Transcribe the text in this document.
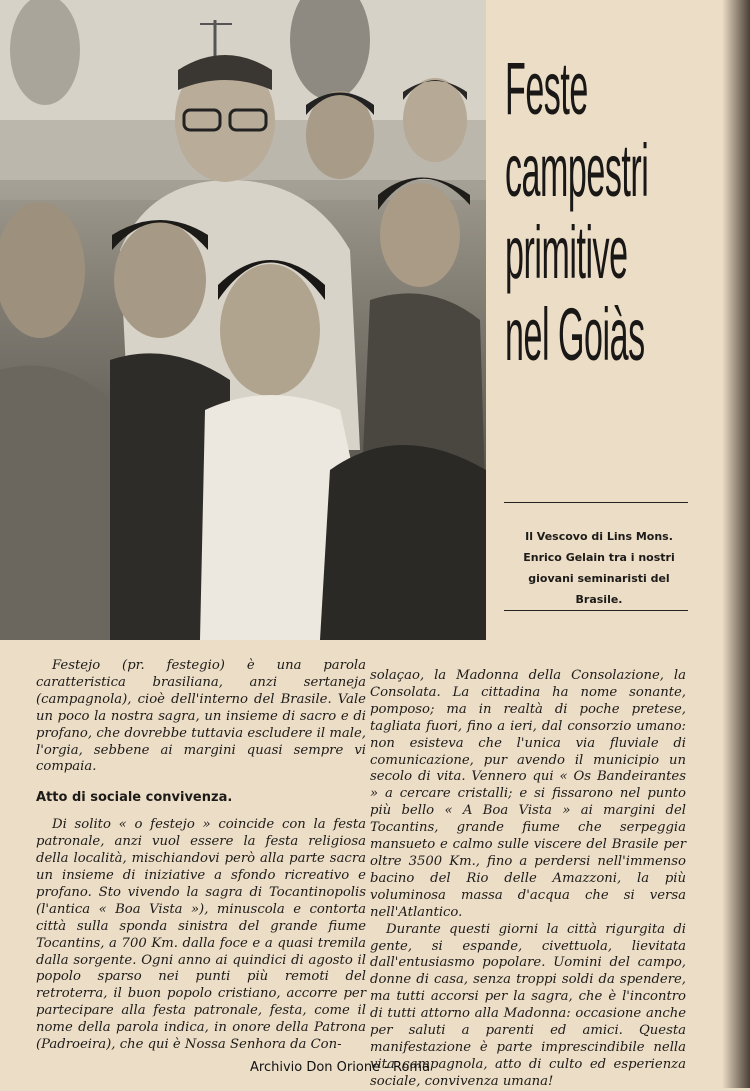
Feste
campestri
primitive
nel Goiàs
Il Vescovo di Lins Mons. Enrico Gelain tra i nostri giovani seminaristi del Brasile.

Festejo (pr. festegio) è una parola caratteristica brasiliana, anzi sertaneja (campagnola), cioè dell'interno del Brasile. Vale un poco la nostra sagra, un insieme di sacro e di profano, che dovrebbe tuttavia escludere il male, l'orgia, sebbene ai margini quasi sempre vi compaia.

Atto di sociale convivenza.

Di solito « o festejo » coincide con la festa patronale, anzi vuol essere la festa religiosa della località, mischiandovi però alla parte sacra un insieme di iniziative a sfondo ricreativo e profano. Sto vivendo la sagra di Tocantinopolis (l'antica « Boa Vista »), minuscola e contorta città sulla sponda sinistra del grande fiume Tocantins, a 700 Km. dalla foce e a quasi tremila dalla sorgente. Ogni anno ai quindici di agosto il popolo sparso nei punti più remoti del retroterra, il buon popolo cristiano, accorre per partecipare alla festa patronale, festa, come il nome della parola indica, in onore della Patrona (Padroeira), che qui è Nossa Senhora da Con-

solaçao, la Madonna della Consolazione, la Consolata. La cittadina ha nome sonante, pomposo; ma in realtà di poche pretese, tagliata fuori, fino a ieri, dal consorzio umano: non esisteva che l'unica via fluviale di comunicazione, pur avendo il municipio un secolo di vita. Vennero qui « Os Bandeirantes » a cercare cristalli; e si fissarono nel punto più bello « A Boa Vista » ai margini del Tocantins, grande fiume che serpeggia mansueto e calmo sulle viscere del Brasile per oltre 3500 Km., fino a perdersi nell'immenso bacino del Rio delle Amazzoni, la più voluminosa massa d'acqua che si versa nell'Atlantico.

Durante questi giorni la città rigurgita di gente, si espande, civettuola, lievitata dall'entusiasmo popolare. Uomini del campo, donne di casa, senza troppi soldi da spendere, ma tutti accorsi per la sagra, che è l'incontro di tutti attorno alla Madonna: occasione anche per saluti a parenti ed amici. Questa manifestazione è parte imprescindibile nella vita campagnola, atto di culto ed esperienza sociale, convivenza umana!

Archivio Don Orione - Roma
